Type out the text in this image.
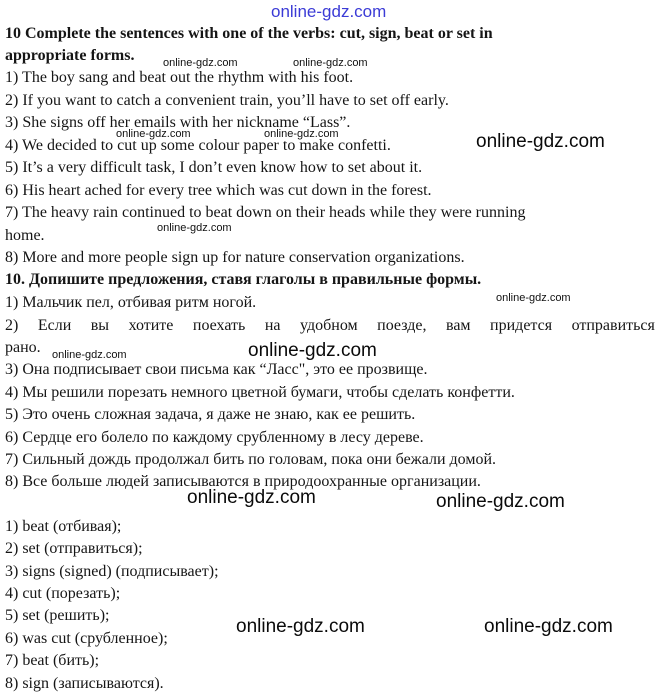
online-gdz.com
10 Complete the sentences with one of the verbs: cut, sign, beat or set in
appropriate forms.
1) The boy sang and beat out the rhythm with his foot.
2) If you want to catch a convenient train, you’ll have to set off early.
3) She signs off her emails with her nickname “Lass”.
4) We decided to cut up some colour paper to make confetti.
5) It’s a very difficult task, I don’t even know how to set about it.
6) His heart ached for every tree which was cut down in the forest.
7) The heavy rain continued to beat down on their heads while they were running
home.
8) More and more people sign up for nature conservation organizations.
10. Допишите предложения, ставя глаголы в правильные формы.
1) Мальчик пел, отбивая ритм ногой.
2) Если вы хотите поехать на удобном поезде, вам придется отправиться
рано.
3) Она подписывает свои письма как “Ласс", это ее прозвище.
4) Мы решили порезать немного цветной бумаги, чтобы сделать конфетти.
5) Это очень сложная задача, я даже не знаю, как ее решить.
6) Сердце его болело по каждому срубленному в лесу дереве.
7) Сильный дождь продолжал бить по головам, пока они бежали домой.
8) Все больше людей записываются в природоохранные организации.
1) beat (отбивая);
2) set (отправиться);
3) signs (signed) (подписывает);
4) cut (порезать);
5) set (решить);
6) was cut (срубленное);
7) beat (бить);
8) sign (записываются).
online-gdz.com	online-gdz.com
online-gdz.com	online-gdz.com	online-gdz.com
online-gdz.com
online-gdz.com
online-gdz.com	online-gdz.com
online-gdz.com	online-gdz.com
online-gdz.com	online-gdz.com
